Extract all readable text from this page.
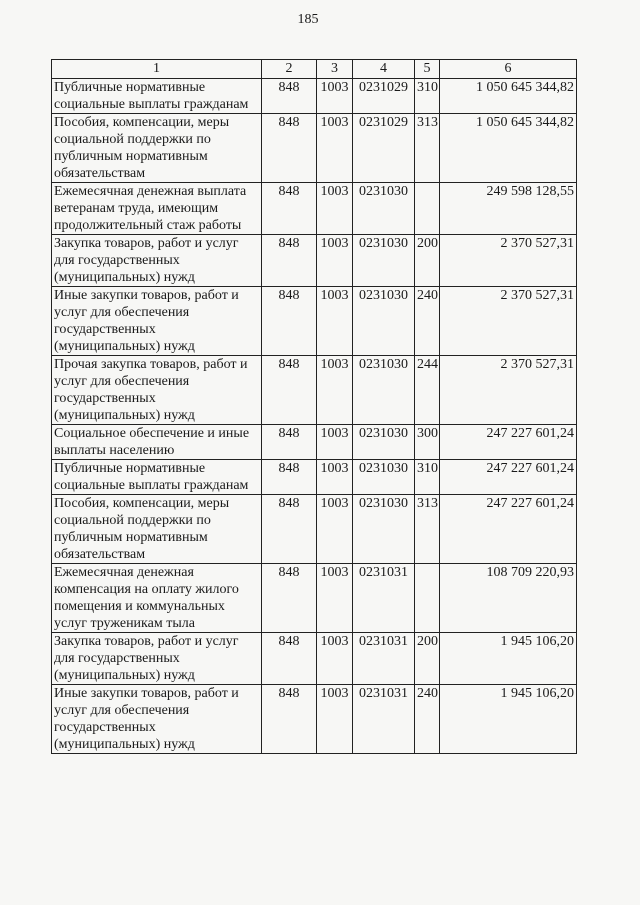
185
1	2	3	4	5	6
Публичные нормативные социальные выплаты гражданам	848	1003	0231029	310	1 050 645 344,82
Пособия, компенсации, меры социальной поддержки по публичным нормативным обязательствам	848	1003	0231029	313	1 050 645 344,82
Ежемесячная денежная выплата ветеранам труда, имеющим продолжительный стаж работы	848	1003	0231030		249 598 128,55
Закупка товаров, работ и услуг для государственных (муниципальных) нужд	848	1003	0231030	200	2 370 527,31
Иные закупки товаров, работ и услуг для обеспечения государственных (муниципальных) нужд	848	1003	0231030	240	2 370 527,31
Прочая закупка товаров, работ и услуг для обеспечения государственных (муниципальных) нужд	848	1003	0231030	244	2 370 527,31
Социальное обеспечение и иные выплаты населению	848	1003	0231030	300	247 227 601,24
Публичные нормативные социальные выплаты гражданам	848	1003	0231030	310	247 227 601,24
Пособия, компенсации, меры социальной поддержки по публичным нормативным обязательствам	848	1003	0231030	313	247 227 601,24
Ежемесячная денежная компенсация на оплату жилого помещения и коммунальных услуг труженикам тыла	848	1003	0231031		108 709 220,93
Закупка товаров, работ и услуг для государственных (муниципальных) нужд	848	1003	0231031	200	1 945 106,20
Иные закупки товаров, работ и услуг для обеспечения государственных (муниципальных) нужд	848	1003	0231031	240	1 945 106,20
